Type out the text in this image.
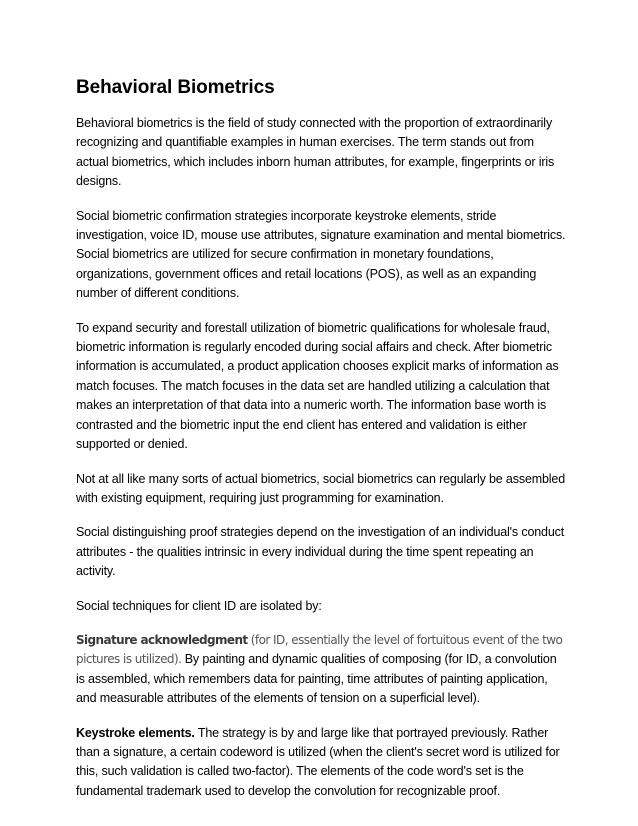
Behavioral Biometrics

Behavioral biometrics is the field of study connected with the proportion of extraordinarily recognizing and quantifiable examples in human exercises. The term stands out from actual biometrics, which includes inborn human attributes, for example, fingerprints or iris designs.

Social biometric confirmation strategies incorporate keystroke elements, stride investigation, voice ID, mouse use attributes, signature examination and mental biometrics. Social biometrics are utilized for secure confirmation in monetary foundations, organizations, government offices and retail locations (POS), as well as an expanding number of different conditions.

To expand security and forestall utilization of biometric qualifications for wholesale fraud, biometric information is regularly encoded during social affairs and check. After biometric information is accumulated, a product application chooses explicit marks of information as match focuses. The match focuses in the data set are handled utilizing a calculation that makes an interpretation of that data into a numeric worth. The information base worth is contrasted and the biometric input the end client has entered and validation is either supported or denied.

Not at all like many sorts of actual biometrics, social biometrics can regularly be assembled with existing equipment, requiring just programming for examination.

Social distinguishing proof strategies depend on the investigation of an individual's conduct attributes - the qualities intrinsic in every individual during the time spent repeating an activity.

Social techniques for client ID are isolated by:

Signature acknowledgment (for ID, essentially the level of fortuitous event of the two pictures is utilized). By painting and dynamic qualities of composing (for ID, a convolution is assembled, which remembers data for painting, time attributes of painting application, and measurable attributes of the elements of tension on a superficial level).

Keystroke elements. The strategy is by and large like that portrayed previously. Rather than a signature, a certain codeword is utilized (when the client's secret word is utilized for this, such validation is called two-factor). The elements of the code word's set is the fundamental trademark used to develop the convolution for recognizable proof.
